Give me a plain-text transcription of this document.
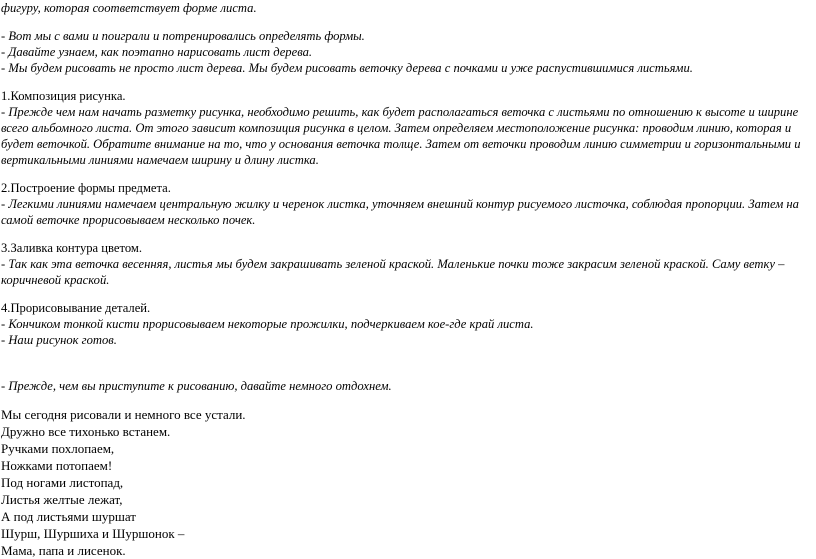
фигуру, которая соответствует форме листа.
- Вот мы с вами и поиграли и потренировались определять формы.
- Давайте узнаем, как поэтапно нарисовать лист дерева.
- Мы будем рисовать не просто лист дерева. Мы будем рисовать веточку дерева с почками и уже распустившимися листьями.
1.Композиция рисунка.
- Прежде чем нам начать разметку рисунка, необходимо решить, как будет располагаться веточка с листьями по отношению к высоте и ширине
всего альбомного листа. От этого зависит композиция рисунка в целом. Затем определяем местоположение рисунка: проводим линию, которая и
будет веточкой. Обратите внимание на то, что у основания веточка толще. Затем от веточки проводим линию симметрии и горизонтальными и
вертикальными линиями намечаем ширину и длину листка.
2.Построение формы предмета.
- Легкими линиями намечаем центральную жилку и черенок листка, уточняем внешний контур рисуемого листочка, соблюдая пропорции. Затем на
самой веточке прорисовываем несколько почек.
3.Заливка контура цветом.
- Так как эта веточка весенняя, листья мы будем закрашивать зеленой краской. Маленькие почки тоже закрасим зеленой краской. Саму ветку –
коричневой краской.
4.Прорисовывание деталей.
- Кончиком тонкой кисти прорисовываем некоторые прожилки, подчеркиваем кое-где край листа.
- Наш рисунок готов.
- Прежде, чем вы приступите к рисованию, давайте немного отдохнем.
Мы сегодня рисовали и немного все устали.
Дружно все тихонько встанем.
Ручками похлопаем,
Ножками потопаем!
Под ногами листопад,
Листья желтые лежат,
А под листьями шуршат
Шурш, Шуршиха и Шуршонок –
Мама, папа и лисенок.
